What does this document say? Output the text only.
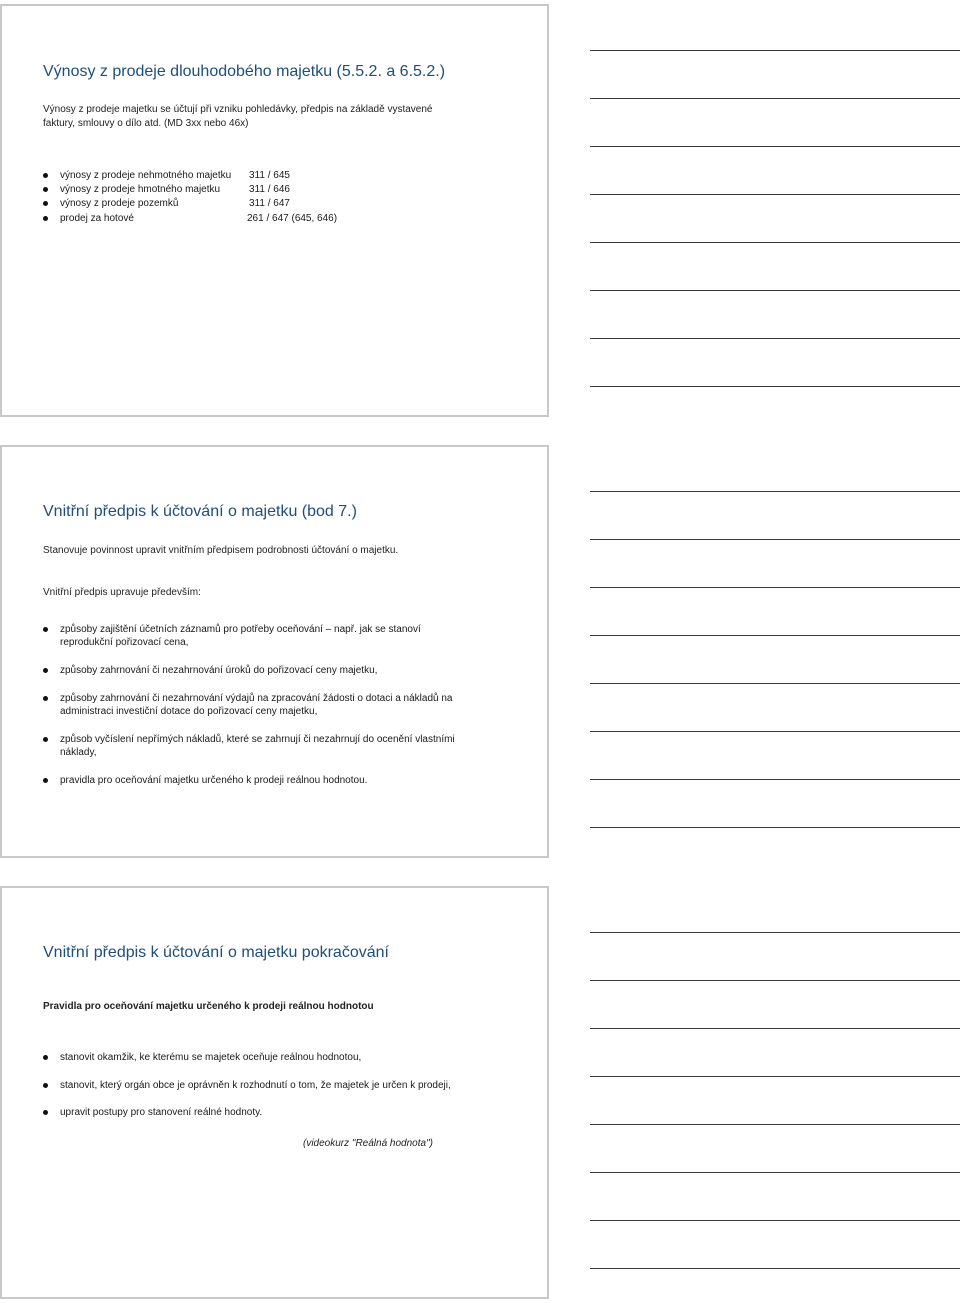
Výnosy z prodeje dlouhodobého majetku (5.5.2. a 6.5.2.)
Výnosy z prodeje majetku se účtují při vzniku pohledávky, předpis na základě vystavené
faktury, smlouvy o dílo atd. (MD 3xx nebo 46x)
výnosy z prodeje nehmotného majetku	311 / 645
výnosy z prodeje hmotného majetku	311 / 646
výnosy z prodeje pozemků	311 / 647
prodej za hotové	261 / 647 (645, 646)
Vnitřní předpis k účtování o majetku (bod 7.)
Stanovuje povinnost upravit vnitřním předpisem podrobnosti účtování o majetku.
Vnitřní předpis upravuje především:
způsoby zajištění účetních záznamů pro potřeby oceňování – např. jak se stanoví
reprodukční pořizovací cena,
způsoby zahrnování či nezahrnování úroků do pořizovací ceny majetku,
způsoby zahrnování či nezahrnování výdajů na zpracování žádosti o dotaci a nákladů na
administraci investiční dotace do pořizovací ceny majetku,
způsob vyčíslení nepřímých nákladů, které se zahrnují či nezahrnují do ocenění vlastními
náklady,
pravidla pro oceňování majetku určeného k prodeji reálnou hodnotou.
Vnitřní předpis k účtování o majetku pokračování
Pravidla pro oceňování majetku určeného k prodeji reálnou hodnotou
stanovit okamžik, ke kterému se majetek oceňuje reálnou hodnotou,
stanovit, který orgán obce je oprávněn k rozhodnutí o tom, že majetek je určen k prodeji,
upravit postupy pro stanovení reálné hodnoty.
(videokurz "Reálná hodnota")
